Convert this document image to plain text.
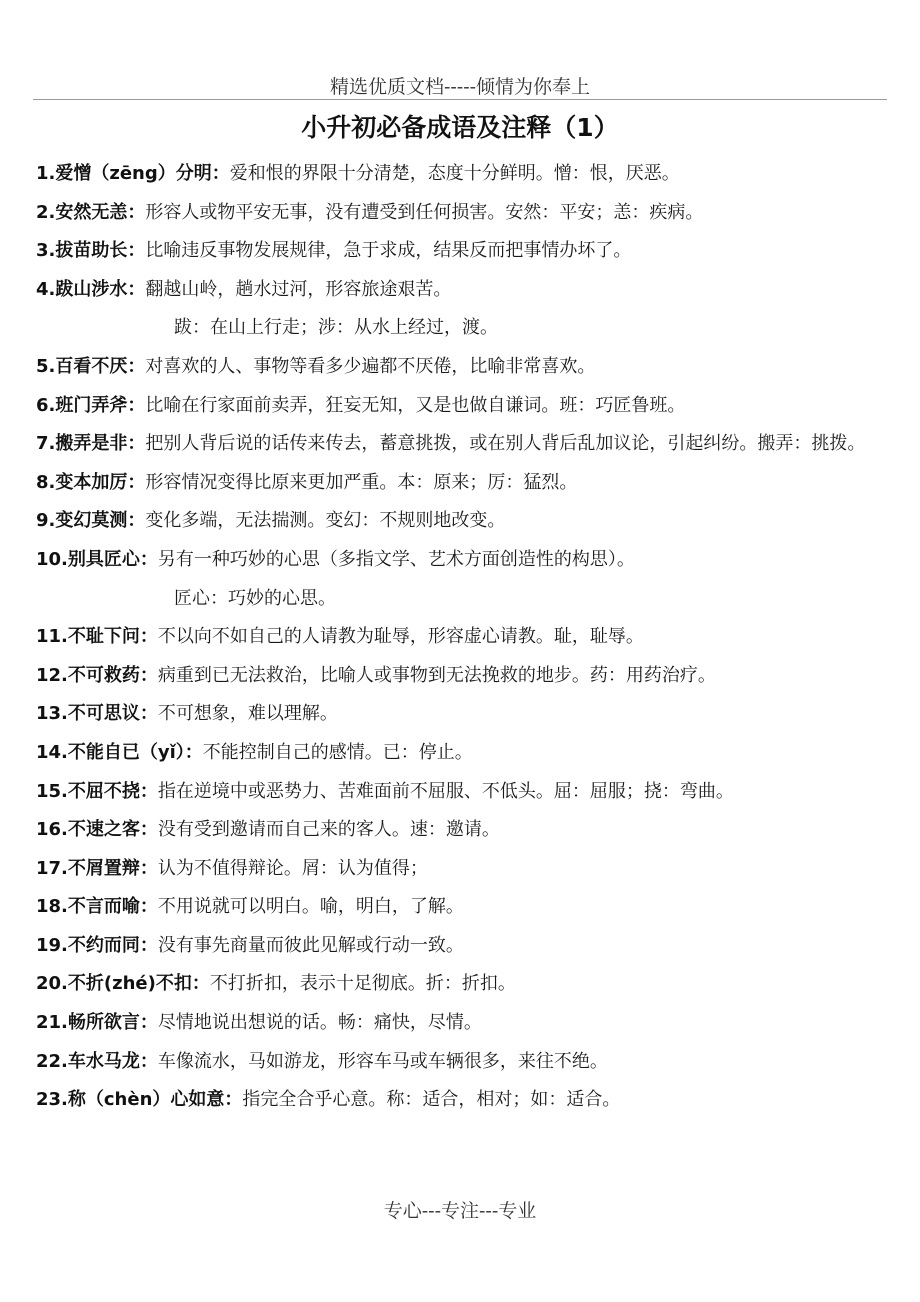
精选优质文档-----倾情为你奉上
小升初必备成语及注释（1）
1.爱憎（zēng）分明：爱和恨的界限十分清楚，态度十分鲜明。憎：恨，厌恶。
2.安然无恙：形容人或物平安无事，没有遭受到任何损害。安然：平安；恙：疾病。
3.拔苗助长：比喻违反事物发展规律，急于求成，结果反而把事情办坏了。
4.跋山涉水：翻越山岭，趟水过河，形容旅途艰苦。
跋：在山上行走；涉：从水上经过，渡。
5.百看不厌：对喜欢的人、事物等看多少遍都不厌倦，比喻非常喜欢。
6.班门弄斧：比喻在行家面前卖弄，狂妄无知，又是也做自谦词。班：巧匠鲁班。
7.搬弄是非：把别人背后说的话传来传去，蓄意挑拨，或在别人背后乱加议论，引起纠纷。搬弄：挑拨。
8.变本加厉：形容情况变得比原来更加严重。本：原来；厉：猛烈。
9.变幻莫测：变化多端，无法揣测。变幻：不规则地改变。
10.别具匠心：另有一种巧妙的心思（多指文学、艺术方面创造性的构思）。
匠心：巧妙的心思。
11.不耻下问：不以向不如自己的人请教为耻辱，形容虚心请教。耻，耻辱。
12.不可救药：病重到已无法救治，比喻人或事物到无法挽救的地步。药：用药治疗。
13.不可思议：不可想象，难以理解。
14.不能自已（yǐ）：不能控制自己的感情。已：停止。
15.不屈不挠：指在逆境中或恶势力、苦难面前不屈服、不低头。屈：屈服；挠：弯曲。
16.不速之客：没有受到邀请而自己来的客人。速：邀请。
17.不屑置辩：认为不值得辩论。屑：认为值得；
18.不言而喻：不用说就可以明白。喻，明白，了解。
19.不约而同：没有事先商量而彼此见解或行动一致。
20.不折(zhé)不扣：不打折扣，表示十足彻底。折：折扣。
21.畅所欲言：尽情地说出想说的话。畅：痛快，尽情。
22.车水马龙：车像流水，马如游龙，形容车马或车辆很多，来往不绝。
23.称（chèn）心如意：指完全合乎心意。称：适合，相对；如：适合。
专心---专注---专业
